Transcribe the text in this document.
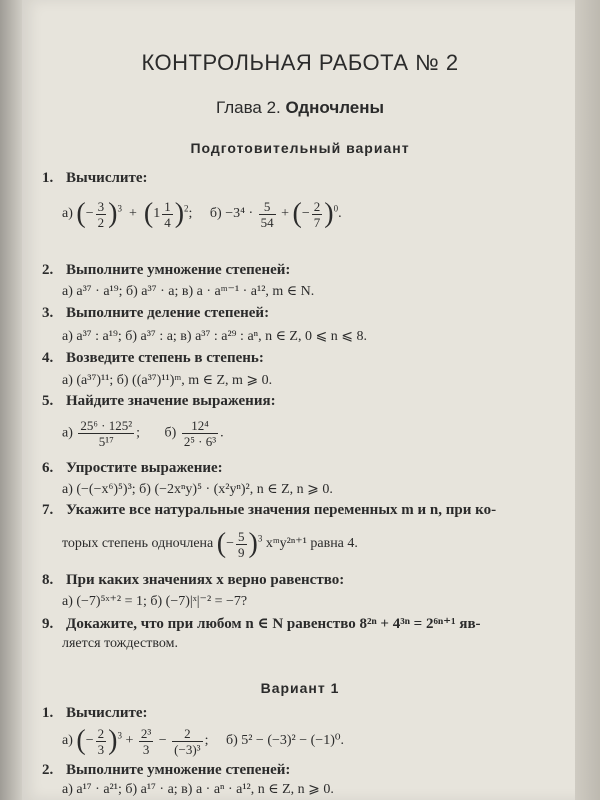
КОНТРОЛЬНАЯ РАБОТА № 2
Глава 2. Одночлены
Подготовительный вариант
1. Вычислите:
а) (− $\frac{3}{2} )^3 + (1 \frac{1}{4} )^2$;     $б) -3^4 \cdot \frac{5}{54}$ + (− $\frac{2}{7} )^0$.
2. Выполните умножение степеней:
а) a³⁷ · a¹⁹; б) a³⁷ · a; в) a · aᵐ⁻¹ · a¹², m ∈ N.
3. Выполните деление степеней:
а) a³⁷ : a¹⁹; б) a³⁷ : a; в) a³⁷ : a²⁹ : aⁿ, n ∈ Z, 0 ⩽ n ⩽ 8.
4. Возведите степень в степень:
а) (a³⁷)¹¹; б) ((a³⁷)¹¹)ᵐ, m ∈ Z, m ⩾ 0.
5. Найдите значение выражения:
$а) \frac{\text{25⁶ · 125²}}{\text{5¹⁷}}$ ;       $б) \frac{\text{12⁴}}{\text{2⁵ · 6³}}$ .
6. Упростите выражение:
а) (−(−x⁶)⁵)³; б) (−2xⁿy)⁵ · (x²yⁿ)², n ∈ Z, n ⩾ 0.
7. Укажите все натуральные значения переменных m и n, при ко-
торых степень одночлена (− $\frac{5}{9} )^3$ xᵐy²ⁿ⁺¹ равна 4.
8. При каких значениях x верно равенство:
а) (−7)⁵ˣ⁺² = 1; б) (−7)|ˣ|⁻² = −7?
9. Докажите, что при любом n ∈ N равенство 8²ⁿ + 4³ⁿ = 2⁶ⁿ⁺¹ яв-
ляется тождеством.
Вариант 1
1. Вычислите:
а) (− $\frac{2}{3} )^3 + \frac{\text{2³}}{3} - \frac{2}{\text{(−3)³}}$ ;     б) 5² − (−3)² − (−1)⁰.
2. Выполните умножение степеней:
а) a¹⁷ · a²¹; б) a¹⁷ · a; в) a · aⁿ · a¹², n ∈ Z, n ⩾ 0.
